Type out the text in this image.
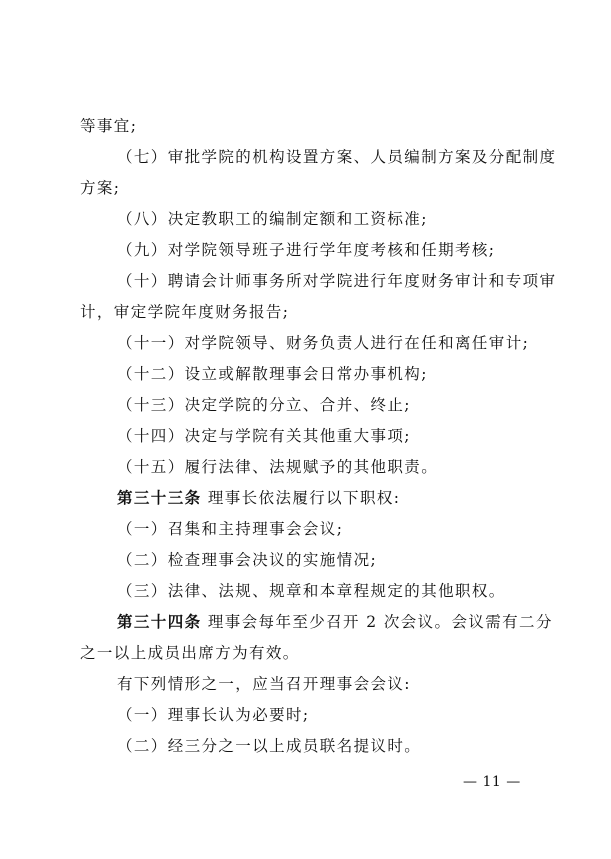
等事宜;
（七）审批学院的机构设置方案、人员编制方案及分配制度
方案;
（八）决定教职工的编制定额和工资标准;
（九）对学院领导班子进行学年度考核和任期考核;
（十）聘请会计师事务所对学院进行年度财务审计和专项审
计，审定学院年度财务报告;
（十一）对学院领导、财务负责人进行在任和离任审计;
（十二）设立或解散理事会日常办事机构;
（十三）决定学院的分立、合并、终止;
（十四）决定与学院有关其他重大事项;
（十五）履行法律、法规赋予的其他职责。
第三十三条 理事长依法履行以下职权:
（一）召集和主持理事会会议;
（二）检查理事会决议的实施情况;
（三）法律、法规、规章和本章程规定的其他职权。
第三十四条 理事会每年至少召开 2 次会议。会议需有二分
之一以上成员出席方为有效。
有下列情形之一，应当召开理事会会议:
（一）理事长认为必要时;
（二）经三分之一以上成员联名提议时。
— 11 —
